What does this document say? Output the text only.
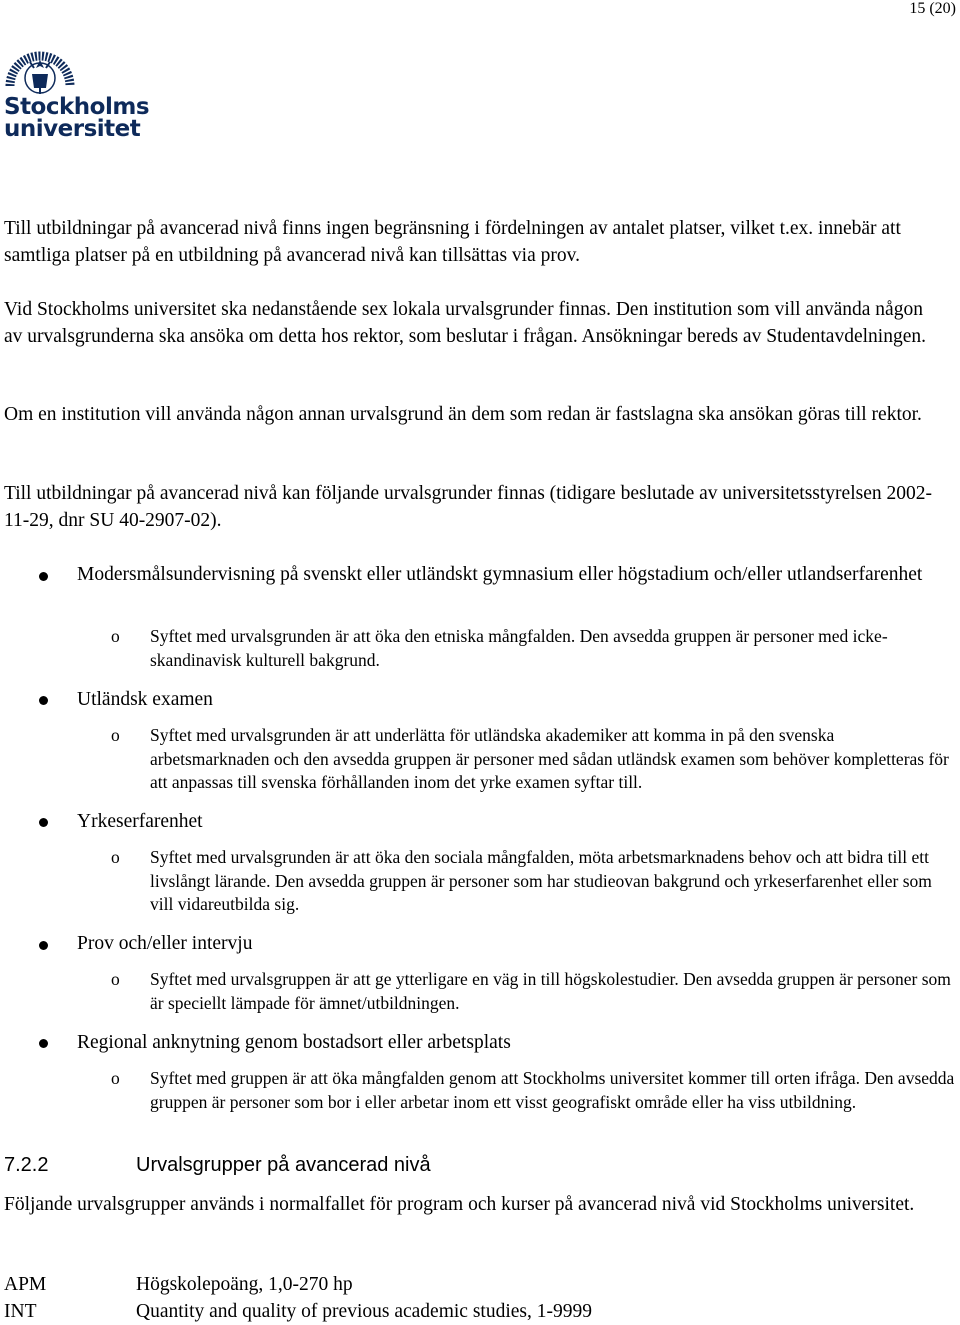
15 (20)
Stockholms
universitet

Till utbildningar på avancerad nivå finns ingen begränsning i fördelningen av antalet platser, vilket t.ex. innebär att samtliga platser på en utbildning på avancerad nivå kan tillsättas via prov.

Vid Stockholms universitet ska nedanstående sex lokala urvalsgrunder finnas. Den institution som vill använda någon av urvalsgrunderna ska ansöka om detta hos rektor, som beslutar i frågan. Ansökningar bereds av Studentavdelningen.

Om en institution vill använda någon annan urvalsgrund än dem som redan är fastslagna ska ansökan göras till rektor.

Till utbildningar på avancerad nivå kan följande urvalsgrunder finnas (tidigare beslutade av universitetsstyrelsen 2002-11-29, dnr SU 40-2907-02).

Modersmålsundervisning på svenskt eller utländskt gymnasium eller högstadium och/eller utlandserfarenhet
o Syftet med urvalsgrunden är att öka den etniska mångfalden. Den avsedda gruppen är personer med icke-skandinavisk kulturell bakgrund.
Utländsk examen
o Syftet med urvalsgrunden är att underlätta för utländska akademiker att komma in på den svenska arbetsmarknaden och den avsedda gruppen är personer med sådan utländsk examen som behöver kompletteras för att anpassas till svenska förhållanden inom det yrke examen syftar till.
Yrkeserfarenhet
o Syftet med urvalsgrunden är att öka den sociala mångfalden, möta arbetsmarknadens behov och att bidra till ett livslångt lärande. Den avsedda gruppen är personer som har studieovan bakgrund och yrkeserfarenhet eller som vill vidareutbilda sig.
Prov och/eller intervju
o Syftet med urvalsgruppen är att ge ytterligare en väg in till högskolestudier. Den avsedda gruppen är personer som är speciellt lämpade för ämnet/utbildningen.
Regional anknytning genom bostadsort eller arbetsplats
o Syftet med gruppen är att öka mångfalden genom att Stockholms universitet kommer till orten ifråga. Den avsedda gruppen är personer som bor i eller arbetar inom ett visst geografiskt område eller ha viss utbildning.
7.2.2	Urvalsgrupper på avancerad nivå

Följande urvalsgrupper används i normalfallet för program och kurser på avancerad nivå vid Stockholms universitet.

APM	Högskolepoäng, 1,0-270 hp
INT	Quantity and quality of previous academic studies, 1-9999
